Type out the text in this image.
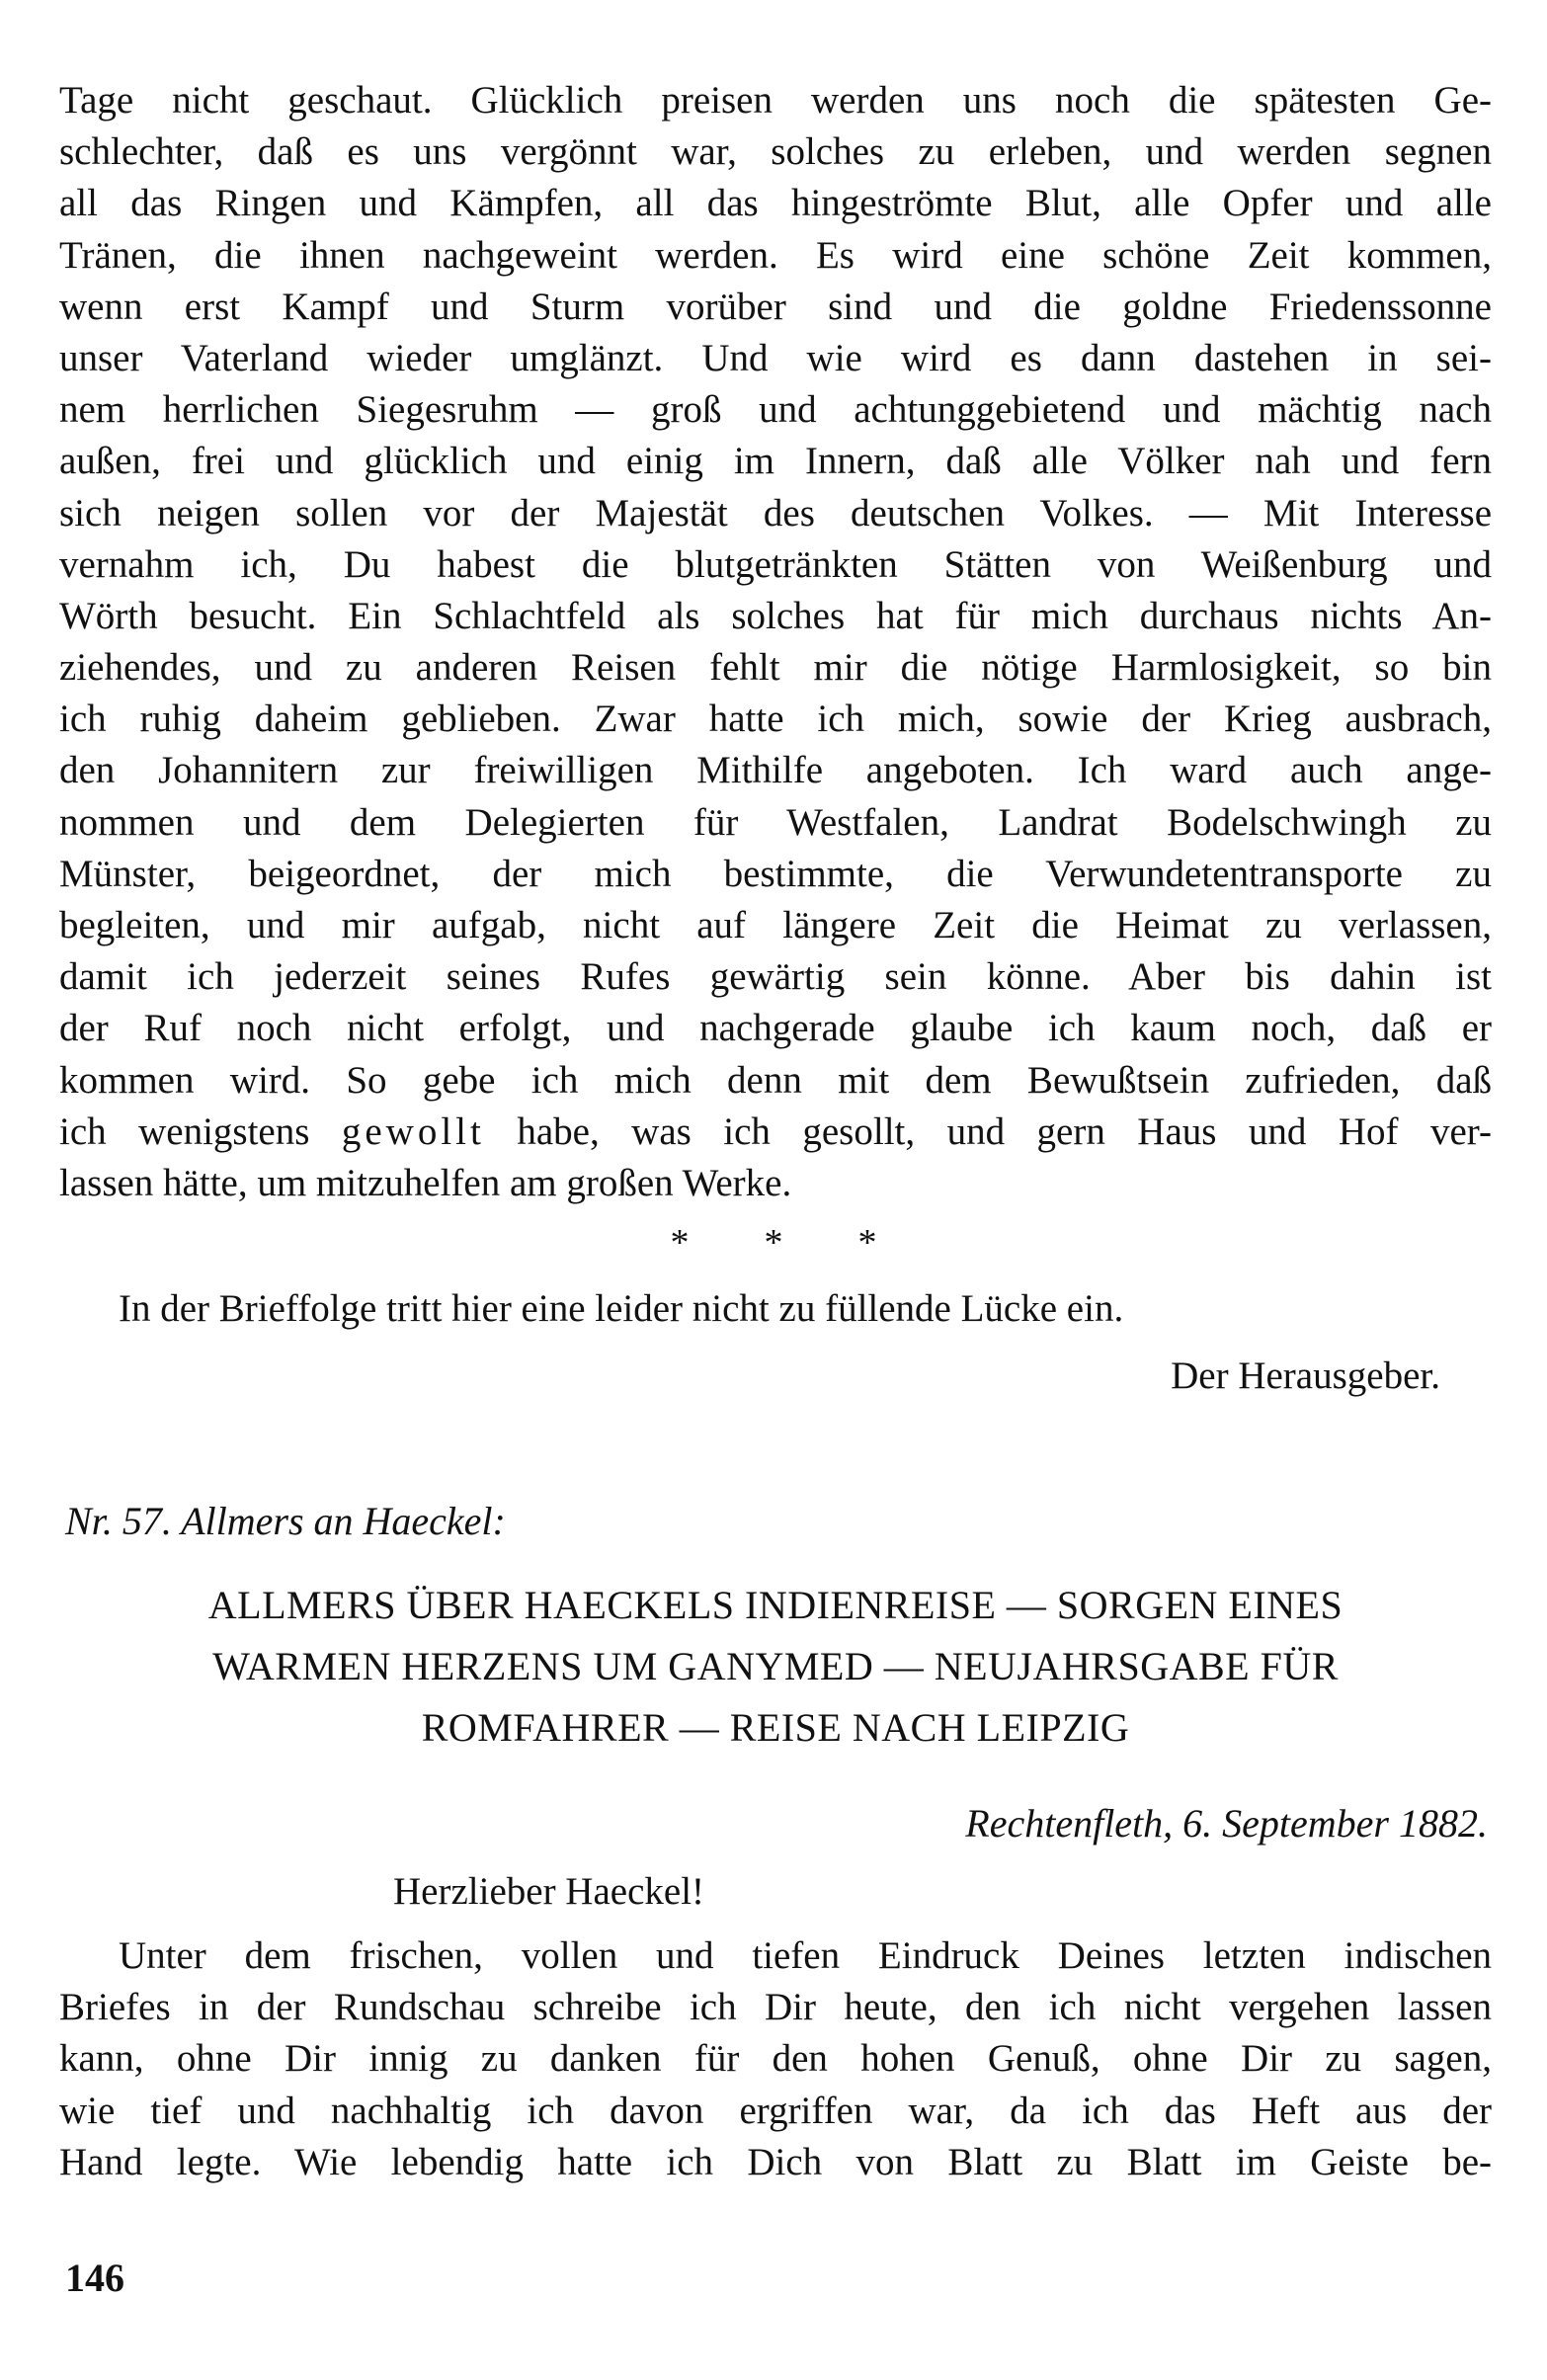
Tage nicht geschaut. Glücklich preisen werden uns noch die spätesten Ge-
schlechter, daß es uns vergönnt war, solches zu erleben, und werden segnen
all das Ringen und Kämpfen, all das hingeströmte Blut, alle Opfer und alle
Tränen, die ihnen nachgeweint werden. Es wird eine schöne Zeit kommen,
wenn erst Kampf und Sturm vorüber sind und die goldne Friedenssonne
unser Vaterland wieder umglänzt. Und wie wird es dann dastehen in sei-
nem herrlichen Siegesruhm — groß und achtunggebietend und mächtig nach
außen, frei und glücklich und einig im Innern, daß alle Völker nah und fern
sich neigen sollen vor der Majestät des deutschen Volkes. — Mit Interesse
vernahm ich, Du habest die blutgetränkten Stätten von Weißenburg und
Wörth besucht. Ein Schlachtfeld als solches hat für mich durchaus nichts An-
ziehendes, und zu anderen Reisen fehlt mir die nötige Harmlosigkeit, so bin
ich ruhig daheim geblieben. Zwar hatte ich mich, sowie der Krieg ausbrach,
den Johannitern zur freiwilligen Mithilfe angeboten. Ich ward auch ange-
nommen und dem Delegierten für Westfalen, Landrat Bodelschwingh zu
Münster, beigeordnet, der mich bestimmte, die Verwundetentransporte zu
begleiten, und mir aufgab, nicht auf längere Zeit die Heimat zu verlassen,
damit ich jederzeit seines Rufes gewärtig sein könne. Aber bis dahin ist
der Ruf noch nicht erfolgt, und nachgerade glaube ich kaum noch, daß er
kommen wird. So gebe ich mich denn mit dem Bewußtsein zufrieden, daß
ich wenigstens gewollt habe, was ich gesollt, und gern Haus und Hof ver-
lassen hätte, um mitzuhelfen am großen Werke.
* * *
In der Brieffolge tritt hier eine leider nicht zu füllende Lücke ein.
Der Herausgeber.
Nr. 57. Allmers an Haeckel:
ALLMERS ÜBER HAECKELS INDIENREISE — SORGEN EINES
WARMEN HERZENS UM GANYMED — NEUJAHRSGABE FÜR
ROMFAHRER — REISE NACH LEIPZIG
Rechtenfleth, 6. September 1882.
Herzlieber Haeckel!
Unter dem frischen, vollen und tiefen Eindruck Deines letzten indischen
Briefes in der Rundschau schreibe ich Dir heute, den ich nicht vergehen lassen
kann, ohne Dir innig zu danken für den hohen Genuß, ohne Dir zu sagen,
wie tief und nachhaltig ich davon ergriffen war, da ich das Heft aus der
Hand legte. Wie lebendig hatte ich Dich von Blatt zu Blatt im Geiste be-
146
